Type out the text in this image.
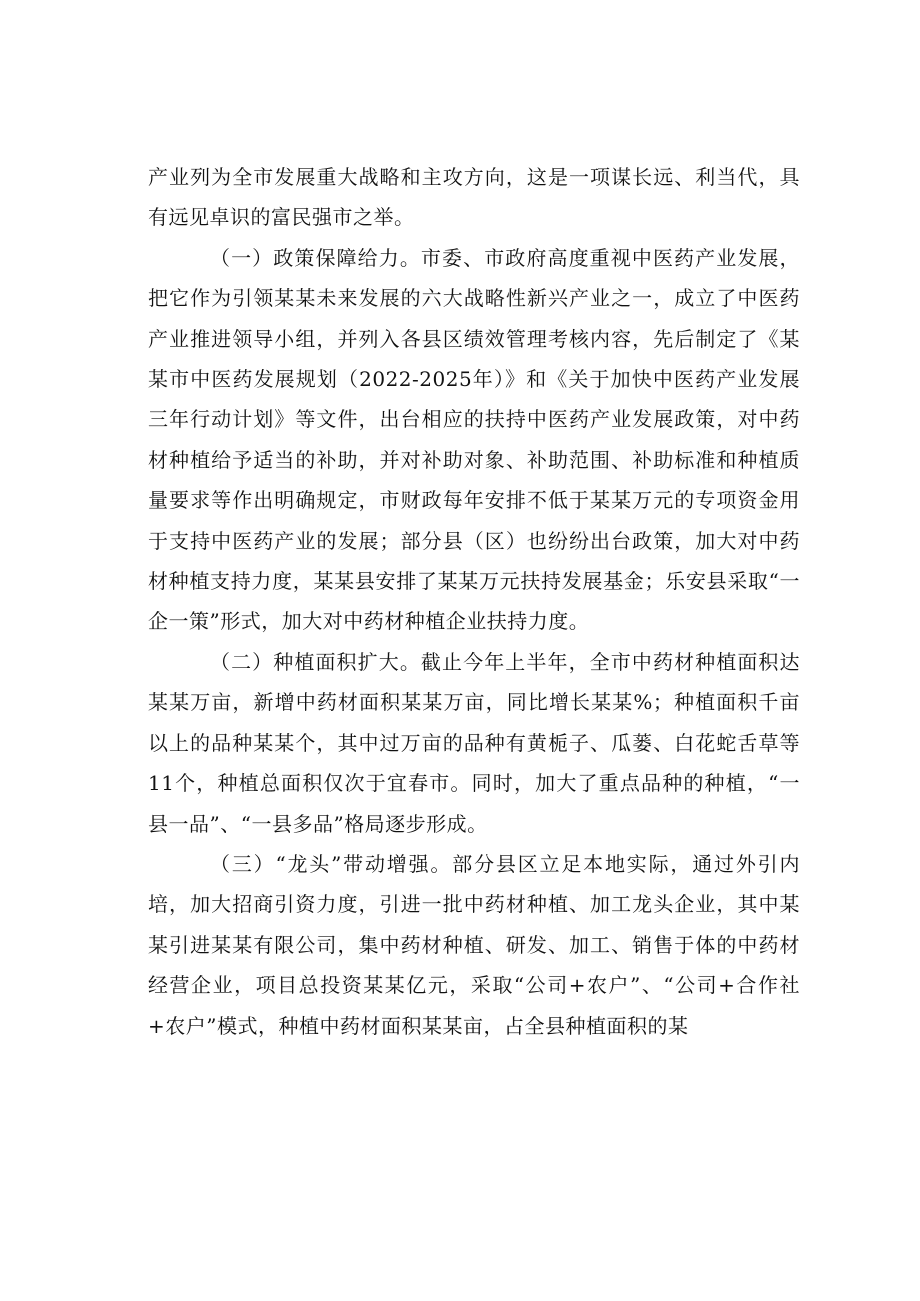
产业列为全市发展重大战略和主攻方向，这是一项谋长远、利当代，具有远见卓识的富民强市之举。

（一）政策保障给力。市委、市政府高度重视中医药产业发展，把它作为引领某某未来发展的六大战略性新兴产业之一，成立了中医药产业推进领导小组，并列入各县区绩效管理考核内容，先后制定了《某某市中医药发展规划（2022-2025年）》和《关于加快中医药产业发展三年行动计划》等文件，出台相应的扶持中医药产业发展政策，对中药材种植给予适当的补助，并对补助对象、补助范围、补助标准和种植质量要求等作出明确规定，市财政每年安排不低于某某万元的专项资金用于支持中医药产业的发展；部分县（区）也纷纷出台政策，加大对中药材种植支持力度，某某县安排了某某万元扶持发展基金；乐安县采取“一企一策”形式，加大对中药材种植企业扶持力度。

（二）种植面积扩大。截止今年上半年，全市中药材种植面积达某某万亩，新增中药材面积某某万亩，同比增长某某%；种植面积千亩以上的品种某某个，其中过万亩的品种有黄栀子、瓜蒌、白花蛇舌草等11个，种植总面积仅次于宜春市。同时，加大了重点品种的种植，“一县一品”、“一县多品”格局逐步形成。

（三）“龙头”带动增强。部分县区立足本地实际，通过外引内培，加大招商引资力度，引进一批中药材种植、加工龙头企业，其中某某引进某某有限公司，集中药材种植、研发、加工、销售于体的中药材经营企业，项目总投资某某亿元，采取“公司+农户”、“公司+合作社+农户”模式，种植中药材面积某某亩，占全县种植面积的某
